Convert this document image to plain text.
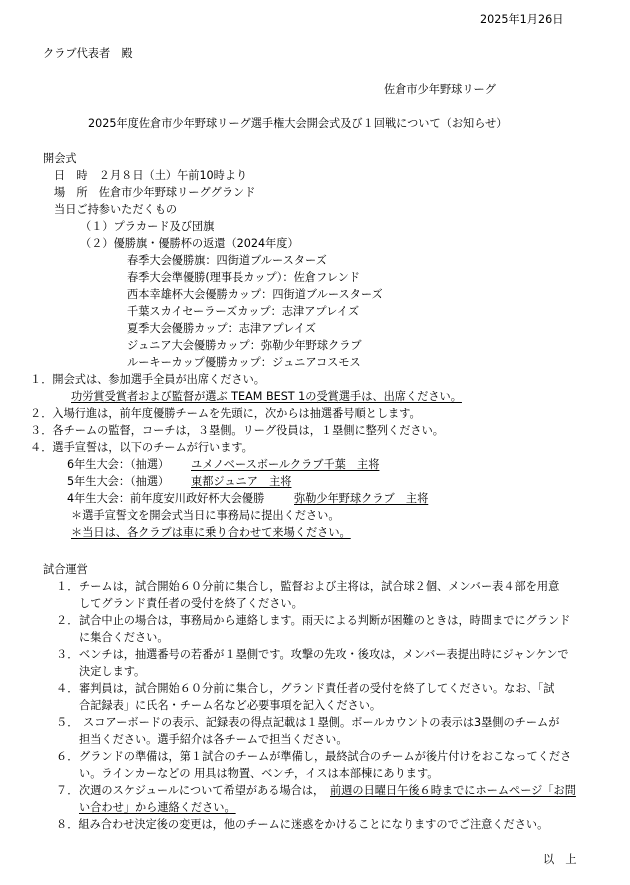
2025年1月26日
クラブ代表者　殿
佐倉市少年野球リーグ
2025年度佐倉市少年野球リーグ選手権大会開会式及び１回戦について（お知らせ）
開会式
日　時　２月８日（土）午前10時より
場　所　佐倉市少年野球リーググランド
当日ご持参いただくもの
（１）プラカード及び団旗
（２）優勝旗・優勝杯の返還（2024年度）
春季大会優勝旗：四街道ブルースターズ
春季大会準優勝(理事長カップ）：佐倉フレンド
西本幸雄杯大会優勝カップ：四街道ブルースターズ
千葉スカイセーラーズカップ：志津アプレイズ
夏季大会優勝カップ：志津アプレイズ
ジュニア大会優勝カップ：弥勒少年野球クラブ
ルーキーカップ優勝カップ：ジュニアコスモス
１．開会式は、参加選手全員が出席ください。
功労賞受賞者および監督が選ぶ TEAM BEST 1の受賞選手は、出席ください。
２．入場行進は，前年度優勝チームを先頭に，次からは抽選番号順とします。
３．各チームの監督，コーチは，３塁側。リーグ役員は，１塁側に整列ください。
４．選手宣誓は，以下のチームが行います。
6年生大会：（抽選） ユメノベースボールクラブ千葉　主将
5年生大会：（抽選） 東都ジュニア　主将
4年生大会：前年度安川政好杯大会優勝	弥勒少年野球クラブ　主将
＊選手宣誓文を開会式当日に事務局に提出ください。
＊当日は、各クラブは車に乗り合わせて来場ください。
試合運営
１． チームは，試合開始６０分前に集合し，監督および主将は，試合球２個、メンバー表４部を用意
してグランド責任者の受付を終了ください。
２． 試合中止の場合は，事務局から連絡します。雨天による判断が困難のときは，時間までにグランド
に集合ください。
３． ベンチは，抽選番号の若番が１塁側です。攻撃の先攻・後攻は，メンバー表提出時にジャンケンで
決定します。
４． 審判員は，試合開始６０分前に集合し，グランド責任者の受付を終了してください。なお、「試
合記録表」に氏名・チーム名など必要事項を記入ください。
５． スコアーボードの表示、記録表の得点記載は１塁側。ボールカウントの表示は3塁側のチームが
担当ください。選手紹介は各チームで担当ください。
６． グランドの準備は，第１試合のチームが準備し，最終試合のチームが後片付けをおこなってくださ
い。ラインカーなどの 用具は物置、ベンチ，イスは本部棟にあります。
７． 次週のスケジュールについて希望がある場合は， 前週の日曜日午後６時までにホームページ「お問
い合わせ」から連絡ください。
８．組み合わせ決定後の変更は，他のチームに迷惑をかけることになりますのでご注意ください。
以　上
